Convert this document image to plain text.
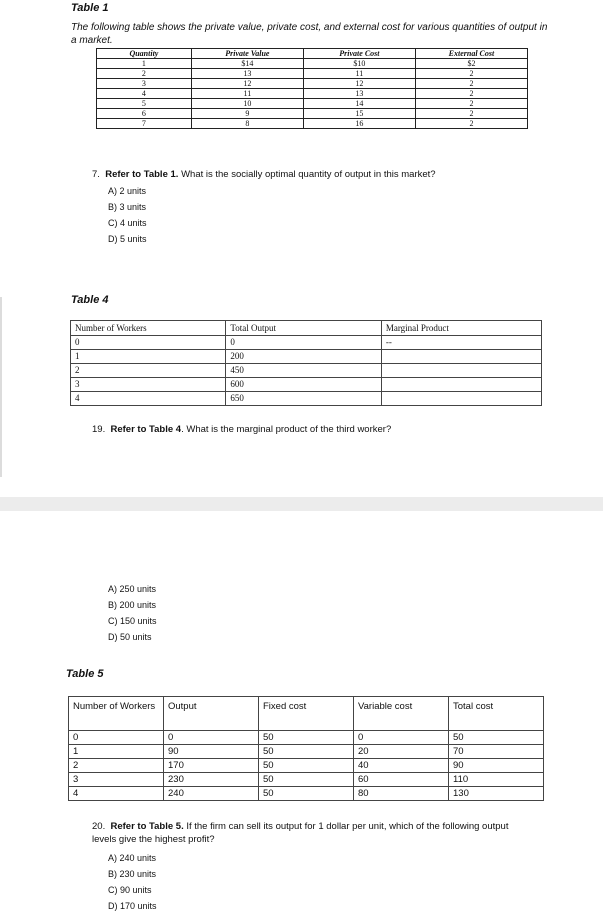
Table 1
The following table shows the private value, private cost, and external cost for various quantities of output in a market.
Quantity	Private Value	Private Cost	External Cost
1	$14	$10	$2
2	13	11	2
3	12	12	2
4	11	13	2
5	10	14	2
6	9	15	2
7	8	16	2
7. Refer to Table 1. What is the socially optimal quantity of output in this market?
A) 2 units
B) 3 units
C) 4 units
D) 5 units
Table 4
Number of Workers	Total Output	Marginal Product
0	0	--
1	200	
2	450	
3	600	
4	650	
19. Refer to Table 4. What is the marginal product of the third worker?
A) 250 units
B) 200 units
C) 150 units
D) 50 units
Table 5
Number of Workers	Output	Fixed cost	Variable cost	Total cost
0	0	50	0	50
1	90	50	20	70
2	170	50	40	90
3	230	50	60	110
4	240	50	80	130
20. Refer to Table 5. If the firm can sell its output for 1 dollar per unit, which of the following output levels give the highest profit?
A) 240 units
B) 230 units
C) 90 units
D) 170 units
